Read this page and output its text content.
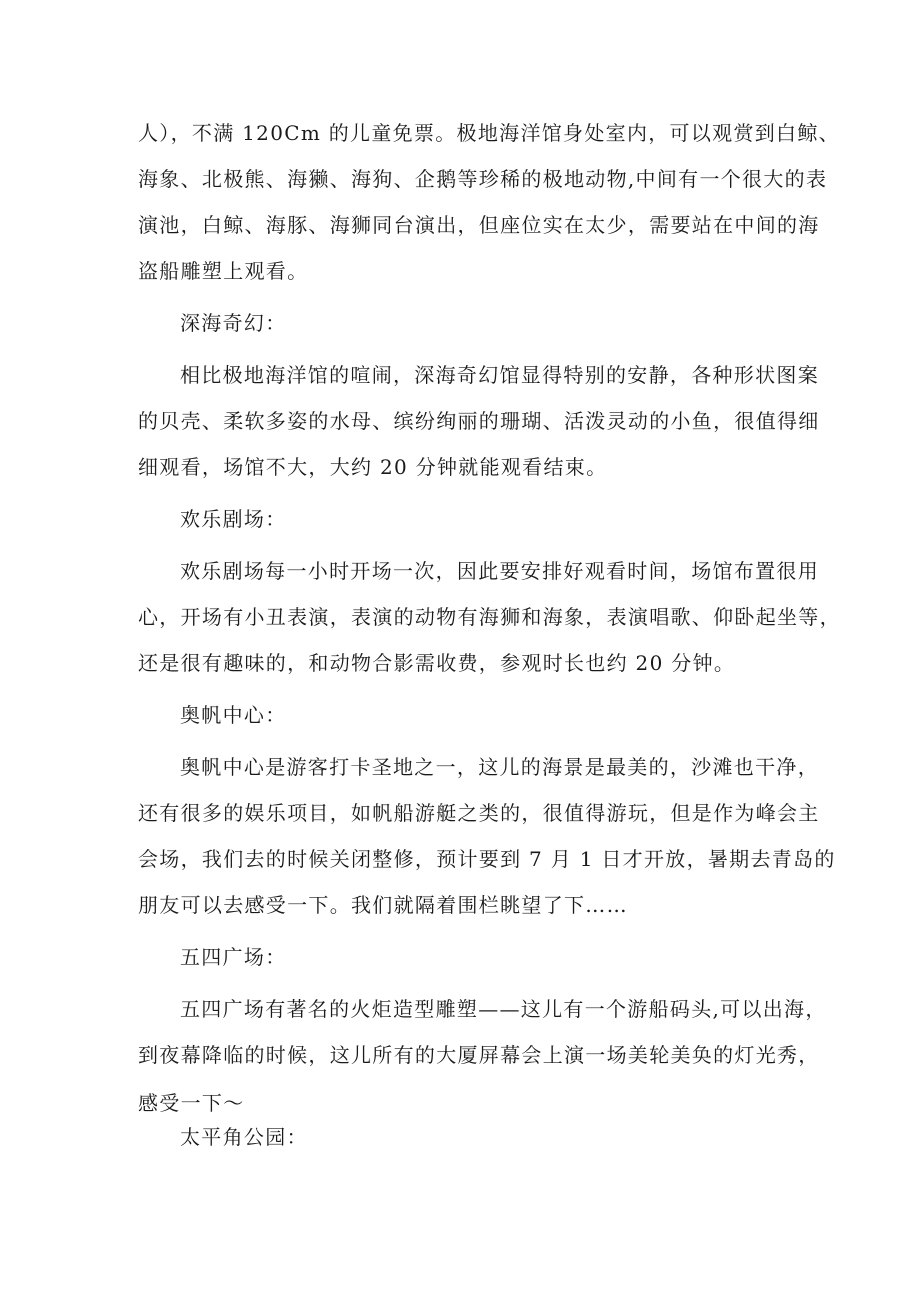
人），不满 120Cm 的儿童免票。极地海洋馆身处室内，可以观赏到白鲸、
海象、北极熊、海獭、海狗、企鹅等珍稀的极地动物,中间有一个很大的表
演池，白鲸、海豚、海狮同台演出，但座位实在太少，需要站在中间的海
盗船雕塑上观看。
深海奇幻：
相比极地海洋馆的喧闹，深海奇幻馆显得特别的安静，各种形状图案
的贝壳、柔软多姿的水母、缤纷绚丽的珊瑚、活泼灵动的小鱼，很值得细
细观看，场馆不大，大约 20 分钟就能观看结束。
欢乐剧场：
欢乐剧场每一小时开场一次，因此要安排好观看时间，场馆布置很用
心，开场有小丑表演，表演的动物有海狮和海象，表演唱歌、仰卧起坐等，
还是很有趣味的，和动物合影需收费，参观时长也约 20 分钟。
奥帆中心：
奥帆中心是游客打卡圣地之一，这儿的海景是最美的，沙滩也干净，
还有很多的娱乐项目，如帆船游艇之类的，很值得游玩，但是作为峰会主
会场，我们去的时候关闭整修，预计要到 7 月 1 日才开放，暑期去青岛的
朋友可以去感受一下。我们就隔着围栏眺望了下……
五四广场：
五四广场有著名的火炬造型雕塑——这儿有一个游船码头,可以出海，
到夜幕降临的时候，这儿所有的大厦屏幕会上演一场美轮美奂的灯光秀，
感受一下～
太平角公园：
